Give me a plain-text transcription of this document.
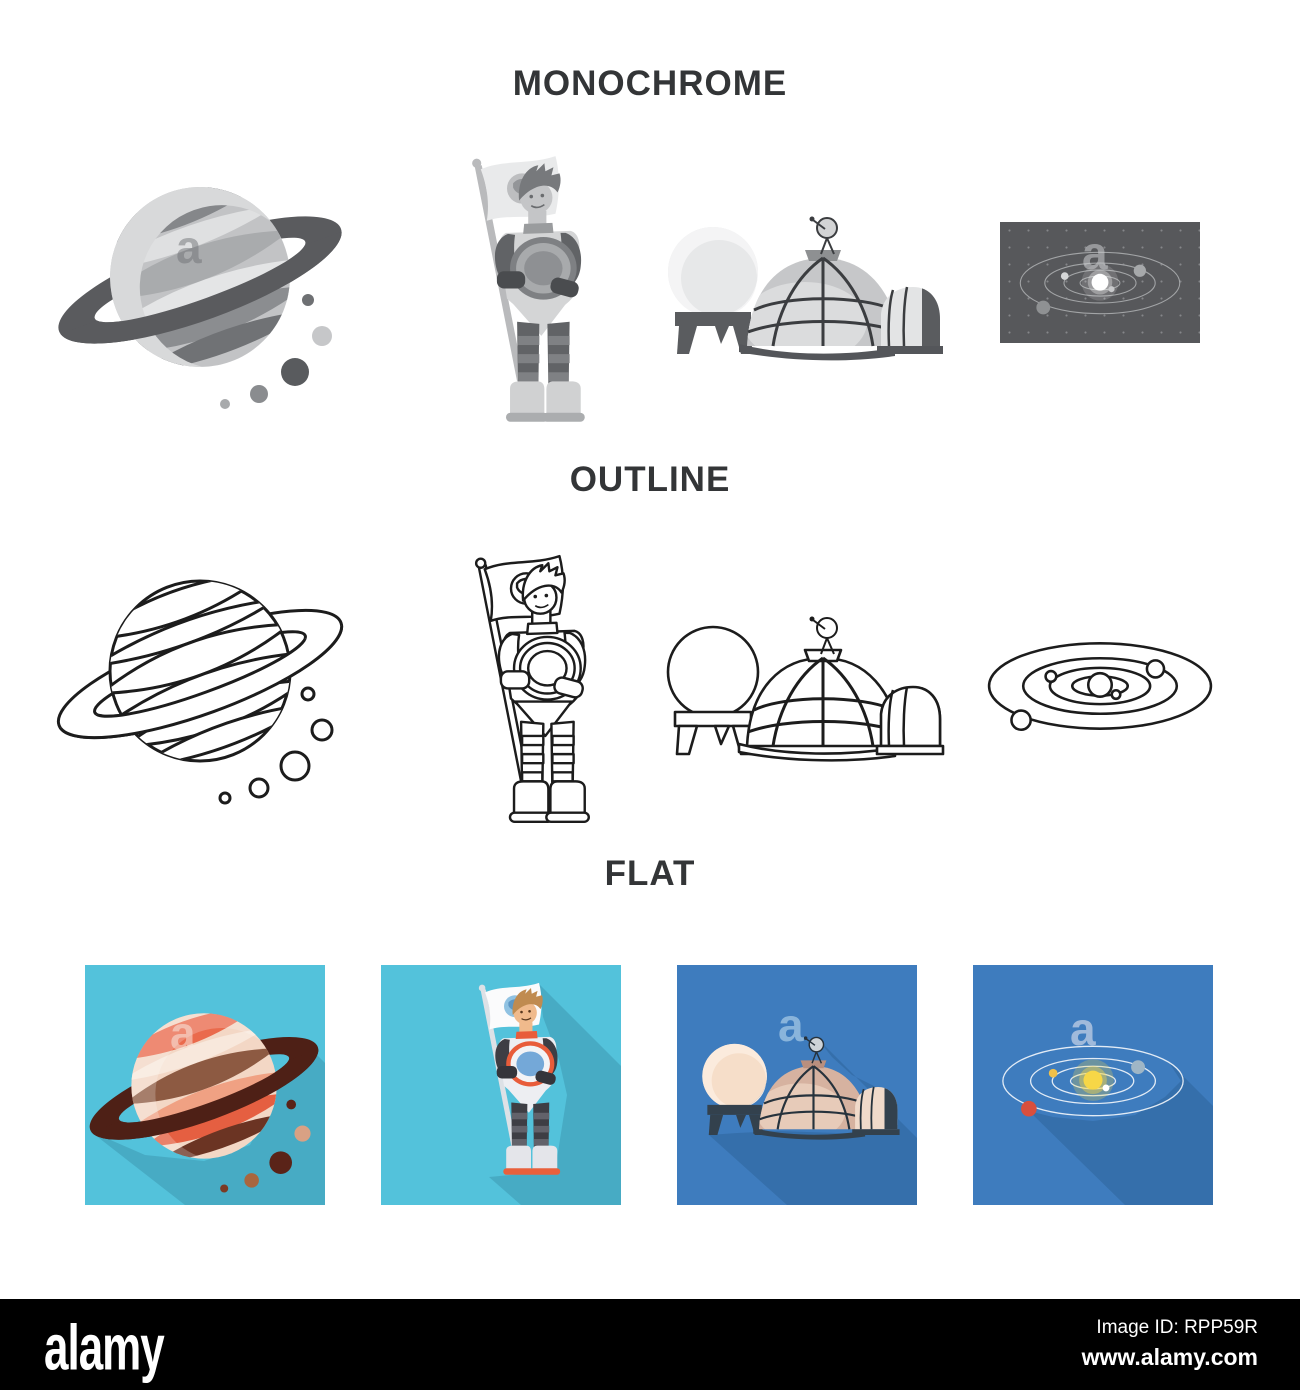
MONOCHROME
OUTLINE
FLAT
a	a
a	a	a
alamy	Image ID: RPP59R
www.alamy.com
